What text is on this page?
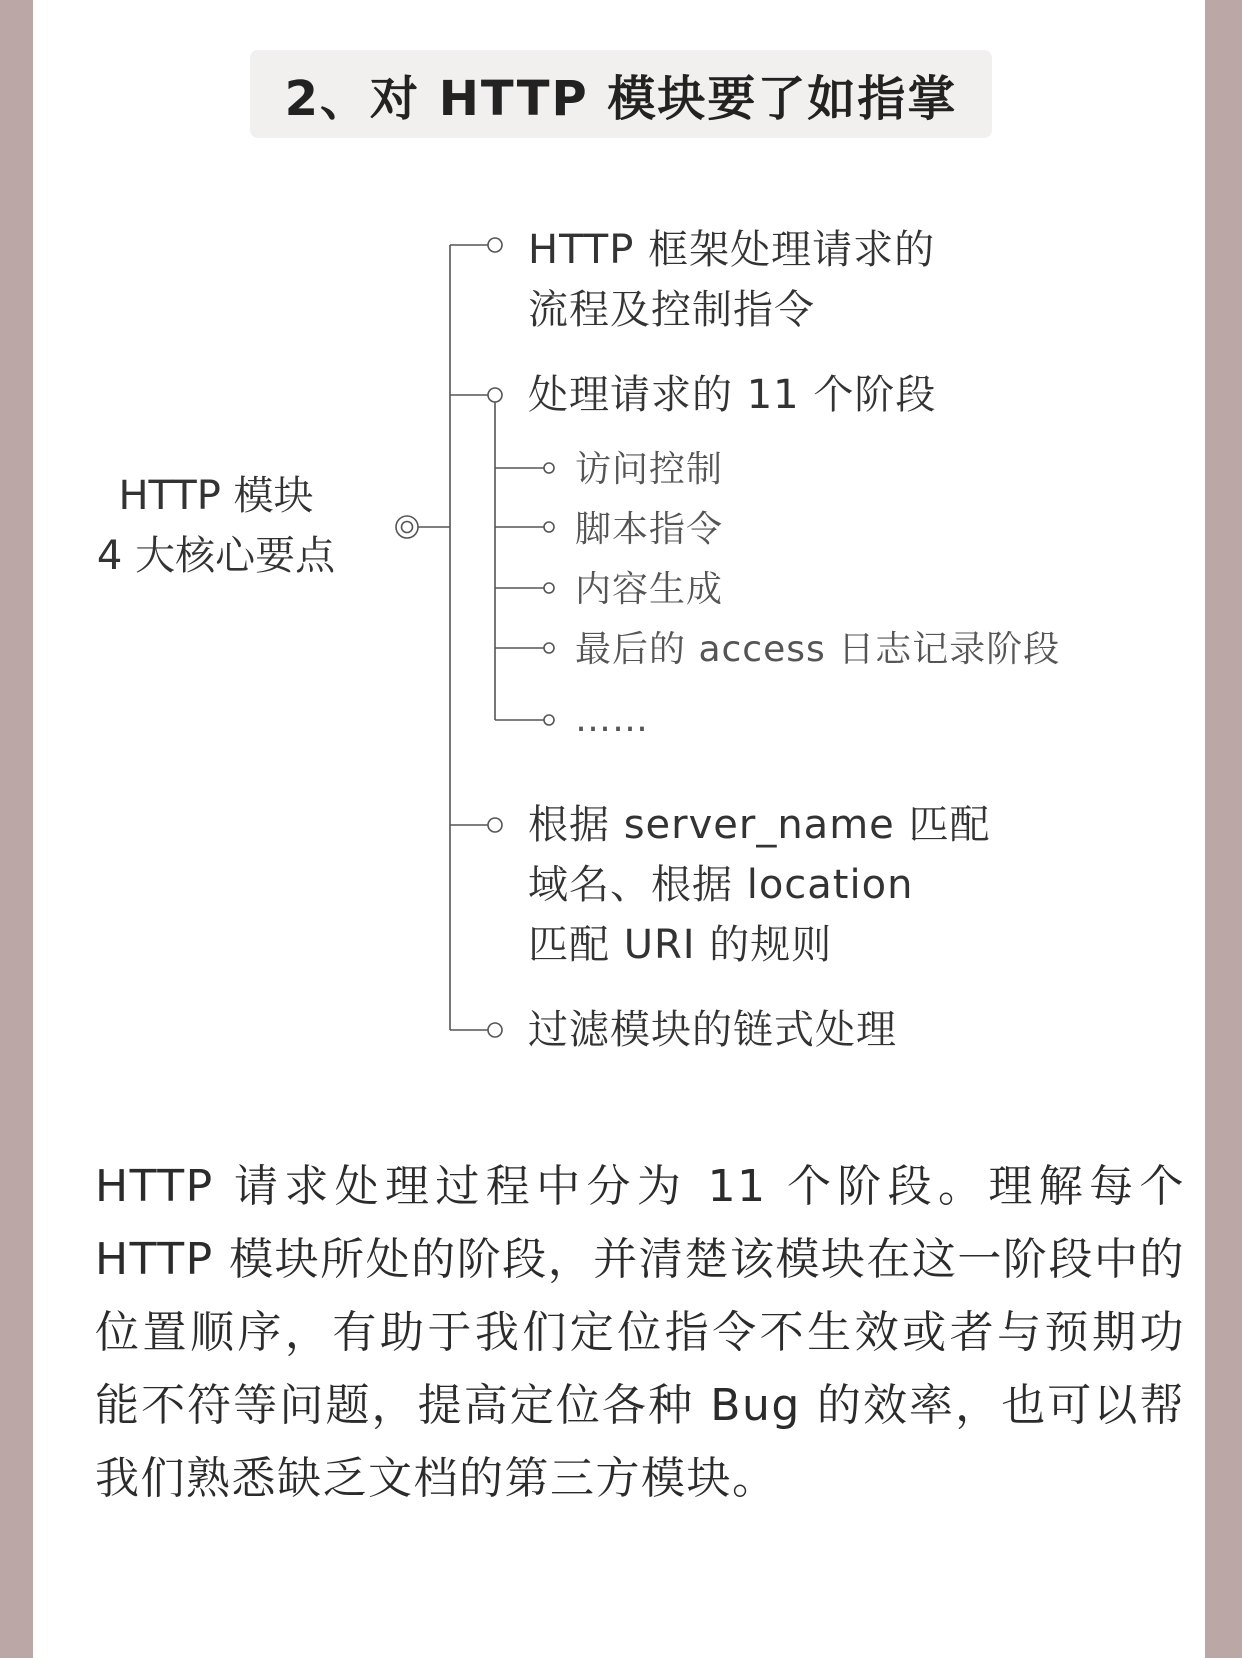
2、对 HTTP 模块要了如指掌
HTTP 模块
4 大核心要点
HTTP 框架处理请求的
流程及控制指令
处理请求的 11 个阶段
访问控制
脚本指令
内容生成
最后的 access 日志记录阶段
……
根据 server_name 匹配
域名、根据 location
匹配 URI 的规则
过滤模块的链式处理
HTTP 请求处理过程中分为 11 个阶段。理解每个 HTTP 模块所处的阶段，并清楚该模块在这一阶段中的位置顺序，有助于我们定位指令不生效或者与预期功能不符等问题，提高定位各种 Bug 的效率，也可以帮我们熟悉缺乏文档的第三方模块。
